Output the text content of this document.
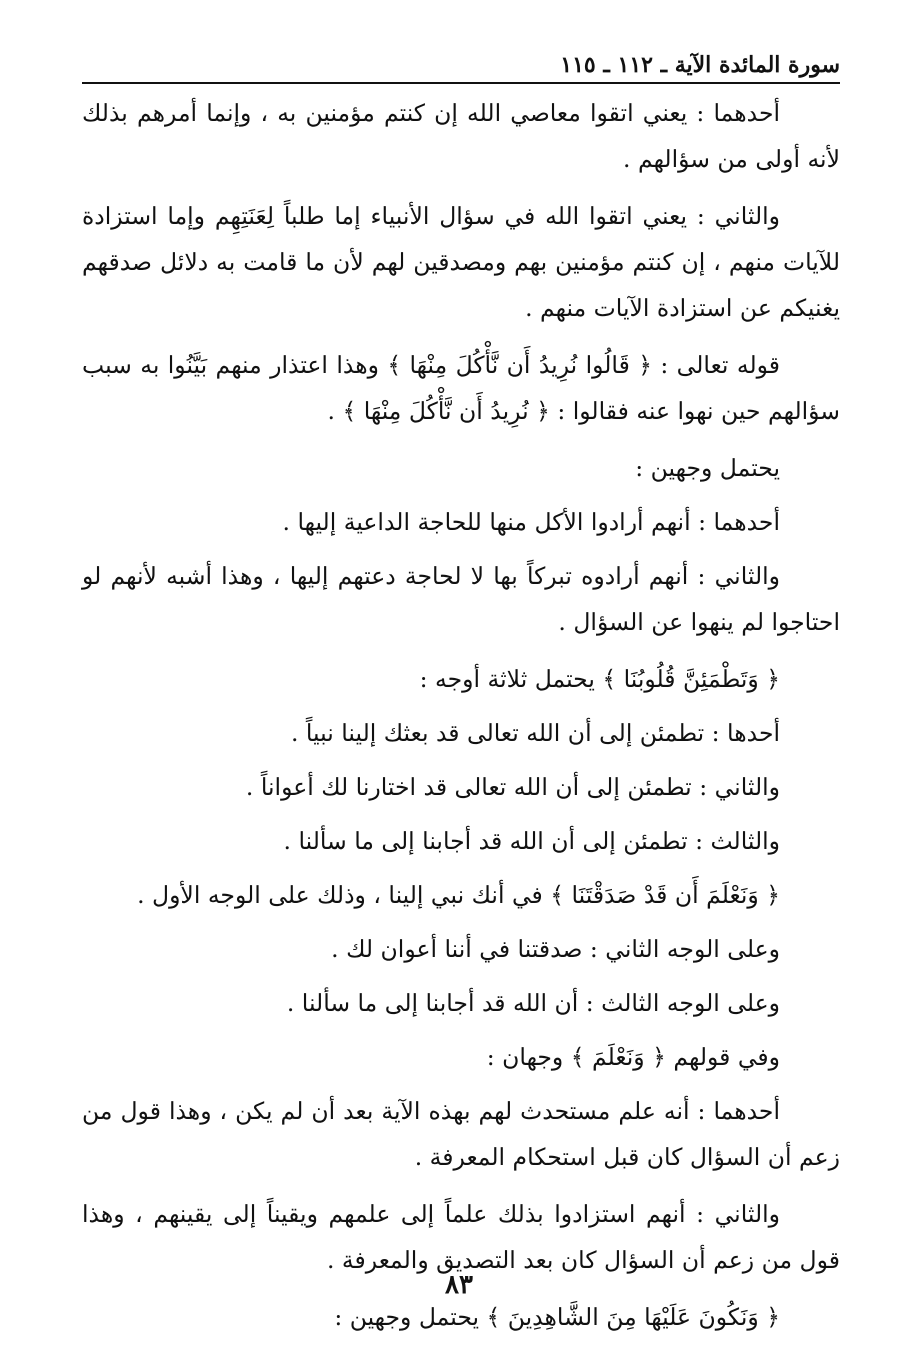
سورة المائدة الآية ـ ١١٢ ـ ١١٥

أحدهما : يعني اتقوا معاصي الله إن كنتم مؤمنين به ، وإنما أمرهم بذلك لأنه أولى من سؤالهم .

والثاني : يعني اتقوا الله في سؤال الأنبياء إما طلباً لِعَنَتِهِم وإما استزادة للآيات منهم ، إن كنتم مؤمنين بهم ومصدقين لهم لأن ما قامت به دلائل صدقهم يغنيكم عن استزادة الآيات منهم .

قوله تعالى : ﴿ قَالُوا نُرِيدُ أَن نَّأْكُلَ مِنْهَا ﴾ وهذا اعتذار منهم بَيَّنُوا به سبب سؤالهم حين نهوا عنه فقالوا : ﴿ نُرِيدُ أَن نَّأْكُلَ مِنْهَا ﴾ .

يحتمل وجهين :

أحدهما : أنهم أرادوا الأكل منها للحاجة الداعية إليها .

والثاني : أنهم أرادوه تبركاً بها لا لحاجة دعتهم إليها ، وهذا أشبه لأنهم لو احتاجوا لم ينهوا عن السؤال .

﴿ وَتَطْمَئِنَّ قُلُوبُنَا ﴾ يحتمل ثلاثة أوجه :

أحدها : تطمئن إلى أن الله تعالى قد بعثك إلينا نبياً .

والثاني : تطمئن إلى أن الله تعالى قد اختارنا لك أعواناً .

والثالث : تطمئن إلى أن الله قد أجابنا إلى ما سألنا .

﴿ وَنَعْلَمَ أَن قَدْ صَدَقْتَنَا ﴾ في أنك نبي إلينا ، وذلك على الوجه الأول .

وعلى الوجه الثاني : صدقتنا في أننا أعوان لك .

وعلى الوجه الثالث : أن الله قد أجابنا إلى ما سألنا .

وفي قولهم ﴿ وَنَعْلَمَ ﴾ وجهان :

أحدهما : أنه علم مستحدث لهم بهذه الآية بعد أن لم يكن ، وهذا قول من زعم أن السؤال كان قبل استحكام المعرفة .

والثاني : أنهم استزادوا بذلك علماً إلى علمهم ويقيناً إلى يقينهم ، وهذا قول من زعم أن السؤال كان بعد التصديق والمعرفة .

﴿ وَنَكُونَ عَلَيْهَا مِنَ الشَّاهِدِينَ ﴾ يحتمل وجهين :

٨٣
